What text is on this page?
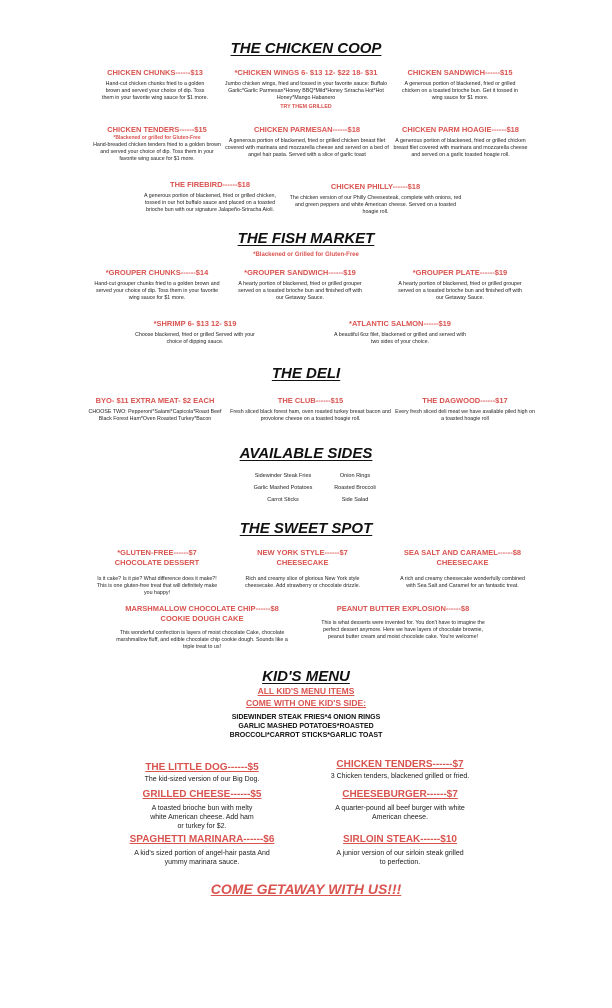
THE CHICKEN COOP
CHICKEN CHUNKS------$13
Hand-cut chicken chunks fried to a golden brown and served your choice of dip. Toss them in your favorite wing sauce for $1 more.
*CHICKEN WINGS 6- $13 12- $22 18- $31
Jumbo chicken wings, fried and tossed in your favorite sauce: Buffalo Garlic*Garlic Parmesan*Honey BBQ*Mild*Honey Sriracha Hot*Hot Honey*Mango Habanero
TRY THEM GRILLED
CHICKEN SANDWICH------$15
A generous portion of blackened, fried or grilled chicken on a toasted brioche bun. Get it tossed in wing sauce for $1 more.
CHICKEN TENDERS------$15
*Blackened or grilled for Gluten-Free
Hand-breaded chicken tenders fried to a golden brown and served your choice of dip. Toss them in your favorite wing sauce for $1 more.
CHICKEN PARMESAN------$18
A generous portion of blackened, fried or grilled chicken breast filet covered with marinara and mozzarella cheese and served on a bed of angel hair pasta. Served with a slice of garlic toast
CHICKEN PARM HOAGIE------$18
A generous portion of blackened, fried or grilled chicken breast filet covered with marinara and mozzarella cheese and served on a garlic toasted hoagie roll.
THE FIREBIRD------$18
A generous portion of blackened, fried or grilled chicken, tossed in our hot buffalo sauce and placed on a toasted brioche bun with our signature Jalapeño-Sriracha Aioli.
CHICKEN PHILLY------$18
The chicken version of our Philly Cheesesteak, complete with onions, red and green peppers and white American cheese. Served on a toasted hoagie roll.
THE FISH MARKET
*Blackened or Grilled for Gluten-Free
*GROUPER CHUNKS------$14
Hand-cut grouper chunks fried to a golden brown and served your choice of dip. Toss them in your favorite wing sauce for $1 more.
*GROUPER SANDWICH------$19
A hearty portion of blackened, fried or grilled grouper served on a toasted brioche bun and finished off with our Getaway Sauce.
*GROUPER PLATE------$19
A hearty portion of blackened, fried or grilled grouper served on a toasted brioche bun and finished off with our Getaway Sauce.
*SHRIMP 6- $13 12- $19
Choose blackened, fried or grilled Served with your choice of dipping sauce.
*ATLANTIC SALMON------$19
A beautiful 6oz filet, blackened or grilled and served with two sides of your choice.
THE DELI
BYO- $11 EXTRA MEAT- $2 EACH
CHOOSE TWO: Pepperoni*Salami*Capicola*Roast Beef Black Forest Ham*Oven Roasted Turkey*Bacon
THE CLUB------$15
Fresh sliced black forest ham, oven roasted turkey breast bacon and provolone cheese on a toasted hoagie roll.
THE DAGWOOD------$17
Every fresh sliced deli meat we have available piled high on a toasted hoagie roll
AVAILABLE SIDES
Sidewinder Steak Fries
Garlic Mashed Potatoes
Carrot Sticks
Onion Rings
Roasted Broccoli
Side Salad
THE SWEET SPOT
*GLUTEN-FREE------$7 CHOCOLATE DESSERT
Is it cake? Is it pie? What difference does it make?! This is one gluten-free treat that will definitely make you happy!
NEW YORK STYLE------$7 CHEESECAKE
Rich and creamy slice of glorious New York style cheesecake. Add strawberry or chocolate drizzle.
SEA SALT AND CARAMEL------$8 CHEESECAKE
A rich and creamy cheesecake wonderfully combined with Sea Salt and Caramel for an fantastic treat.
MARSHMALLOW CHOCOLATE CHIP------$8 COOKIE DOUGH CAKE
This wonderful confection is layers of moist chocolate Cake, chocolate marshmallow fluff, and edible chocolate chip cookie dough. Sounds like a triple treat to us!
PEANUT BUTTER EXPLOSION------$8
This is what desserts were invented for. You don't have to imagine the perfect dessert anymore. Here we have layers of chocolate brownie, peanut butter cream and moist chocolate cake. You're welcome!
KID'S MENU
ALL KID'S MENU ITEMS
COME WITH ONE KID'S SIDE:
SIDEWINDER STEAK FRIES*4 ONION RINGS
GARLIC MASHED POTATOES*ROASTED
BROCCOLI*CARROT STICKS*GARLIC TOAST
THE LITTLE DOG------$5
The kid-sized version of our Big Dog.
GRILLED CHEESE------$5
A toasted brioche bun with melty white American cheese. Add ham or turkey for $2.
SPAGHETTI MARINARA------$6
A kid's sized portion of angel-hair pasta And yummy marinara sauce.
CHICKEN TENDERS------$7
3 Chicken tenders, blackened grilled or fried.
CHEESEBURGER------$7
A quarter-pound all beef burger with white American cheese.
SIRLOIN STEAK------$10
A junior version of our sirloin steak grilled to perfection.
COME GETAWAY WITH US!!!
